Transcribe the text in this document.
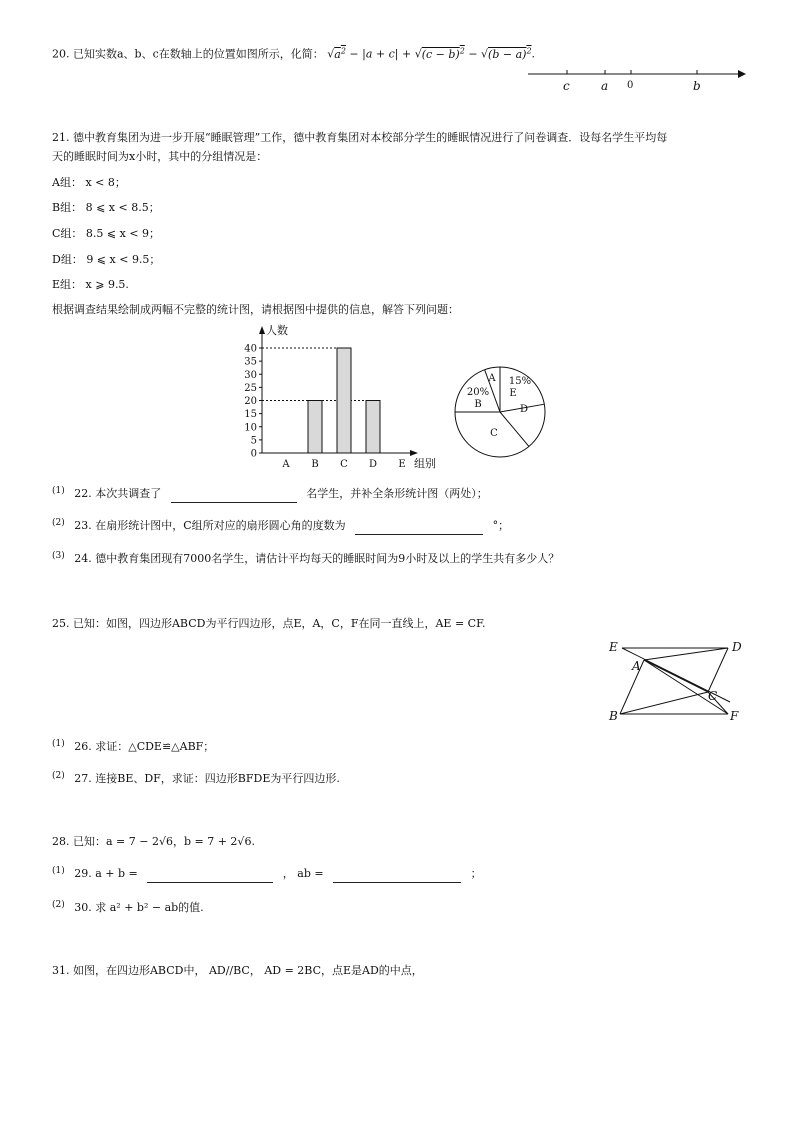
20. 已知实数a、b、c在数轴上的位置如图所示，化简： $√a^2 - |a + c| + √(c - b)^2 - √(b - a)^2$.
c	a 0	b
21. 德中教育集团为进一步开展“睡眠管理”工作，德中教育集团对本校部分学生的睡眠情况进行了问卷调查．设每名学生平均每
天的睡眠时间为x小时，其中的分组情况是：
A组： x < 8；
B组： 8 ⩽ x < 8.5；
C组： 8.5 ⩽ x < 9；
D组： 9 ⩽ x < 9.5；
E组： x ⩾ 9.5.
根据调查结果绘制成两幅不完整的统计图，请根据图中提供的信息，解答下列问题：
人数
组别
0
5
10
15
20
25
30
35
40
A B C D E
A 15%
E
D
C
20%
B
$^{(1)}$ 22. 本次共调查了	名学生，并补全条形统计图（两处）；
$^{(2)}$ 23. 在扇形统计图中，C组所对应的扇形圆心角的度数为	°；
$^{(3)}$ 24. 德中教育集团现有7000名学生，请估计平均每天的睡眠时间为9小时及以上的学生共有多少人？
25. 已知：如图，四边形ABCD为平行四边形，点E，A，C，F在同一直线上，AE = CF.
E	D
A
C
B	F
$^{(1)}$ 26. 求证：△CDE≌△ABF；
$^{(2)}$ 27. 连接BE、DF，求证：四边形BFDE为平行四边形.
28. 已知：a = 7 − 2√6，b = 7 + 2√6.
$^{(1)}$ 29. a + b =	， ab =	；
$^{(2)}$ 30. 求 a² + b² − ab的值.
31. 如图，在四边形ABCD中， AD//BC， AD = 2BC，点E是AD的中点，
